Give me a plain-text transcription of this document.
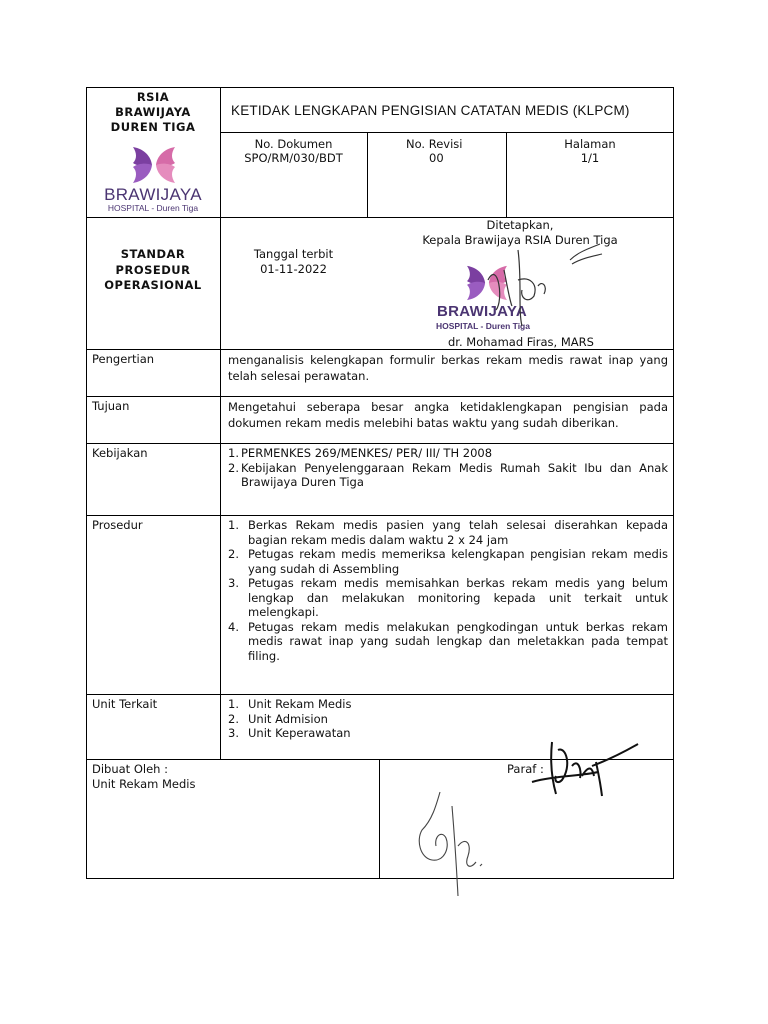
RSIA
BRAWIJAYA
DUREN TIGA
BRAWIJAYA
HOSPITAL - Duren Tiga
KETIDAK LENGKAPAN PENGISIAN CATATAN MEDIS (KLPCM)
No. Dokumen
SPO/RM/030/BDT
No. Revisi
00
Halaman
1/1
STANDAR
PROSEDUR
OPERASIONAL
Tanggal terbit
01-11-2022
Ditetapkan,
Kepala Brawijaya RSIA Duren Tiga
BRAWIJAYA
HOSPITAL - Duren Tiga
dr. Mohamad Firas, MARS
Pengertian	menganalisis kelengkapan formulir berkas rekam medis rawat inap yang telah selesai perawatan.
Tujuan	Mengetahui seberapa besar angka ketidaklengkapan pengisian pada dokumen rekam medis melebihi batas waktu yang sudah diberikan.
Kebijakan	1. PERMENKES 269/MENKES/ PER/ III/ TH 2008
2. Kebijakan Penyelenggaraan Rekam Medis Rumah Sakit Ibu dan Anak Brawijaya Duren Tiga
Prosedur	1. Berkas Rekam medis pasien yang telah selesai diserahkan kepada bagian rekam medis dalam waktu 2 x 24 jam
2. Petugas rekam medis memeriksa kelengkapan pengisian rekam medis yang sudah di Assembling
3. Petugas rekam medis memisahkan berkas rekam medis yang belum lengkap dan melakukan monitoring kepada unit terkait untuk melengkapi.
4. Petugas rekam medis melakukan pengkodingan untuk berkas rekam medis rawat inap yang sudah lengkap dan meletakkan pada tempat filing.
Unit Terkait	1. Unit Rekam Medis
2. Unit Admision
3. Unit Keperawatan
Dibuat Oleh :
Unit Rekam Medis
Paraf :
